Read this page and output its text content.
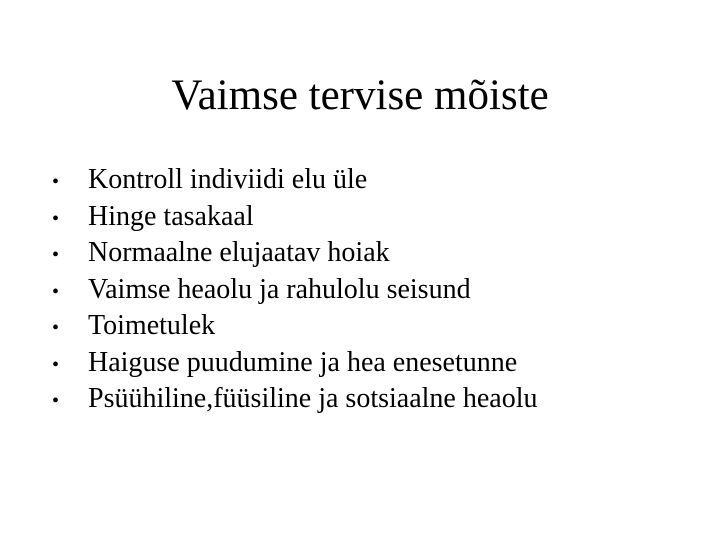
Vaimse tervise mõiste
•	Kontroll indiviidi elu üle
•	Hinge tasakaal
•	Normaalne elujaatav hoiak
•	Vaimse heaolu ja rahulolu seisund
•	Toimetulek
•	Haiguse puudumine ja hea enesetunne
•	Psüühiline,füüsiline ja sotsiaalne heaolu
